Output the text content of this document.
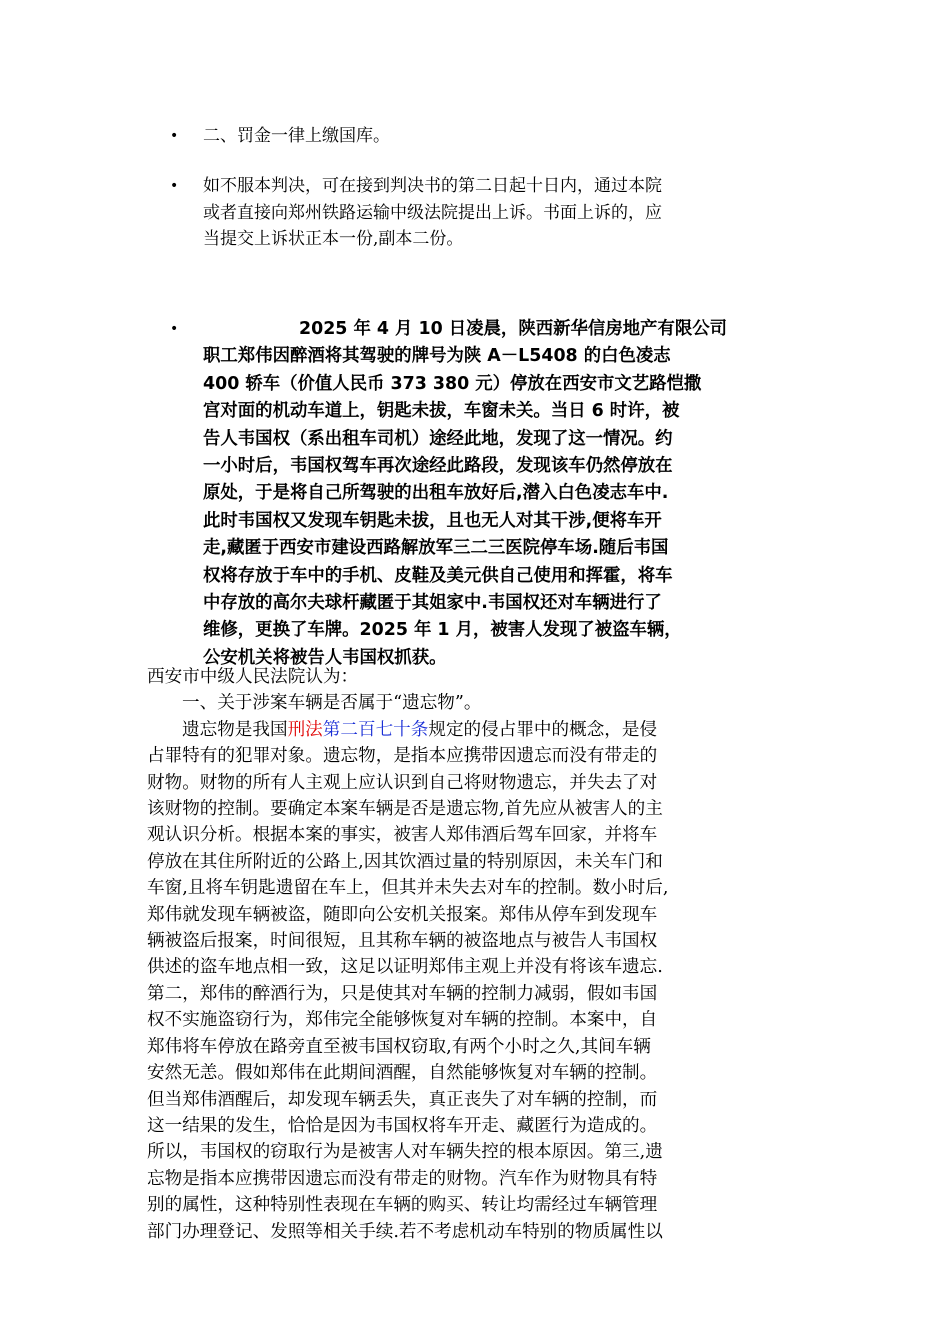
• 二、罚金一律上缴国库。
• 如不服本判决，可在接到判决书的第二日起十日内，通过本院
或者直接向郑州铁路运输中级法院提出上诉。书面上诉的，应
当提交上诉状正本一份,副本二份。
•	2025 年 4 月 10 日凌晨，陕西新华信房地产有限公司
职工郑伟因醉酒将其驾驶的牌号为陕 A－L5408 的白色凌志
400 轿车（价值人民币 373 380 元）停放在西安市文艺路恺撒
宫对面的机动车道上，钥匙未拔，车窗未关。当日 6 时许，被
告人韦国权（系出租车司机）途经此地，发现了这一情况。约
一小时后，韦国权驾车再次途经此路段，发现该车仍然停放在
原处，于是将自己所驾驶的出租车放好后,潜入白色凌志车中.
此时韦国权又发现车钥匙未拔，且也无人对其干涉,便将车开
走,藏匿于西安市建设西路解放军三二三医院停车场.随后韦国
权将存放于车中的手机、皮鞋及美元供自己使用和挥霍，将车
中存放的高尔夫球杆藏匿于其姐家中.韦国权还对车辆进行了
维修，更换了车牌。2025 年 1 月，被害人发现了被盗车辆，
公安机关将被告人韦国权抓获。
西安市中级人民法院认为：
一、关于涉案车辆是否属于“遗忘物”。
遗忘物是我国刑法第二百七十条规定的侵占罪中的概念，是侵
占罪特有的犯罪对象。遗忘物，是指本应携带因遗忘而没有带走的
财物。财物的所有人主观上应认识到自己将财物遗忘，并失去了对
该财物的控制。要确定本案车辆是否是遗忘物,首先应从被害人的主
观认识分析。根据本案的事实，被害人郑伟酒后驾车回家，并将车
停放在其住所附近的公路上,因其饮酒过量的特别原因，未关车门和
车窗,且将车钥匙遗留在车上，但其并未失去对车的控制。数小时后,
郑伟就发现车辆被盗，随即向公安机关报案。郑伟从停车到发现车
辆被盗后报案，时间很短，且其称车辆的被盗地点与被告人韦国权
供述的盗车地点相一致，这足以证明郑伟主观上并没有将该车遗忘.
第二，郑伟的醉酒行为，只是使其对车辆的控制力减弱，假如韦国
权不实施盗窃行为，郑伟完全能够恢复对车辆的控制。本案中，自
郑伟将车停放在路旁直至被韦国权窃取,有两个小时之久,其间车辆
安然无恙。假如郑伟在此期间酒醒，自然能够恢复对车辆的控制。
但当郑伟酒醒后，却发现车辆丢失，真正丧失了对车辆的控制，而
这一结果的发生，恰恰是因为韦国权将车开走、藏匿行为造成的。
所以，韦国权的窃取行为是被害人对车辆失控的根本原因。第三,遗
忘物是指本应携带因遗忘而没有带走的财物。汽车作为财物具有特
别的属性，这种特别性表现在车辆的购买、转让均需经过车辆管理
部门办理登记、发照等相关手续.若不考虑机动车特别的物质属性以
